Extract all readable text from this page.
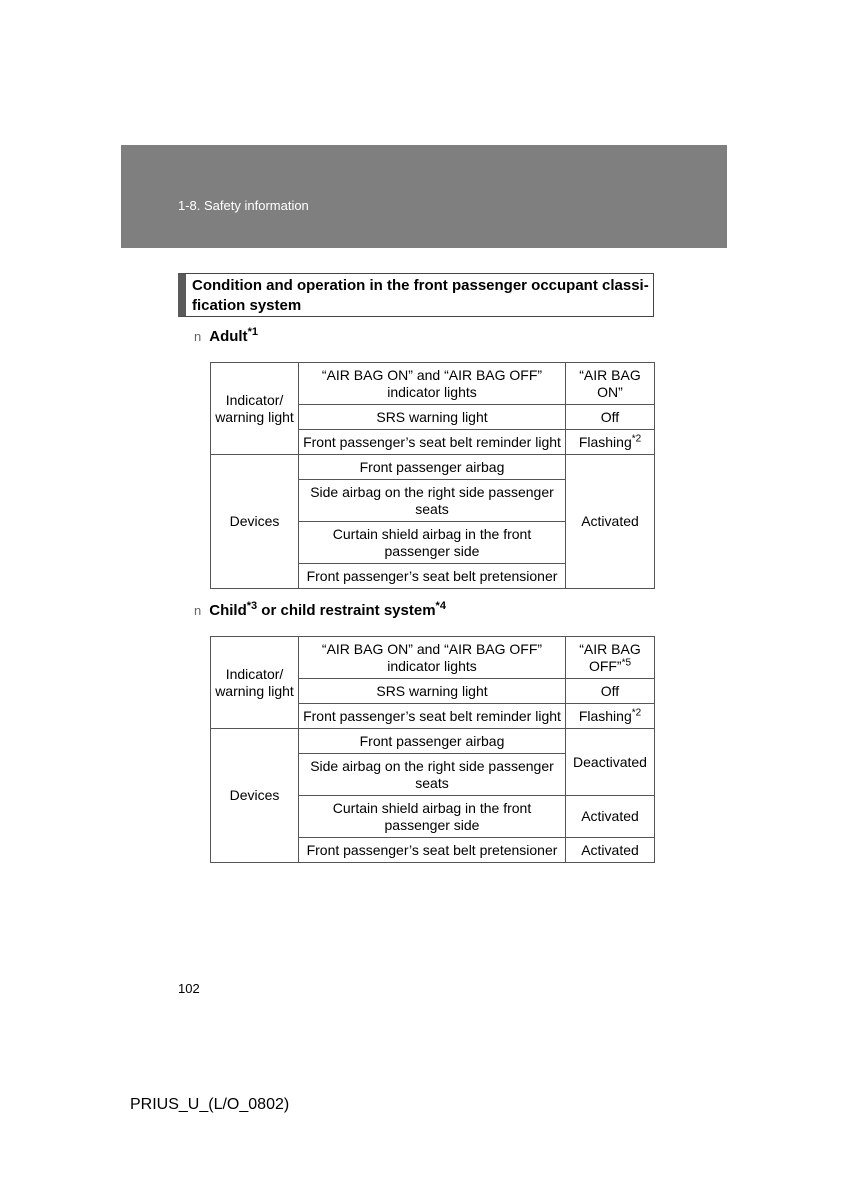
1-8. Safety information
Condition and operation in the front passenger occupant classi-
fication system
n Adult$^{*1}$
Indicator/
warning light	“AIR BAG ON” and “AIR BAG OFF” indicator lights	“AIR BAG ON”
	SRS warning light	Off
	Front passenger’s seat belt reminder light	Flashing$^{*2}$
Devices	Front passenger airbag	Activated
	Side airbag on the right side passenger seats	
	Curtain shield airbag in the front passenger side	
	Front passenger’s seat belt pretensioner	
n Child$^{*3}$ or child restraint system$^{*4}$
Indicator/
warning light	“AIR BAG ON” and “AIR BAG OFF” indicator lights	“AIR BAG OFF”$^{*5}$
	SRS warning light	Off
	Front passenger’s seat belt reminder light	Flashing$^{*2}$
Devices	Front passenger airbag	Deactivated
	Side airbag on the right side passenger seats	
	Curtain shield airbag in the front passenger side	Activated
	Front passenger’s seat belt pretensioner	Activated
102
PRIUS_U_(L/O_0802)
